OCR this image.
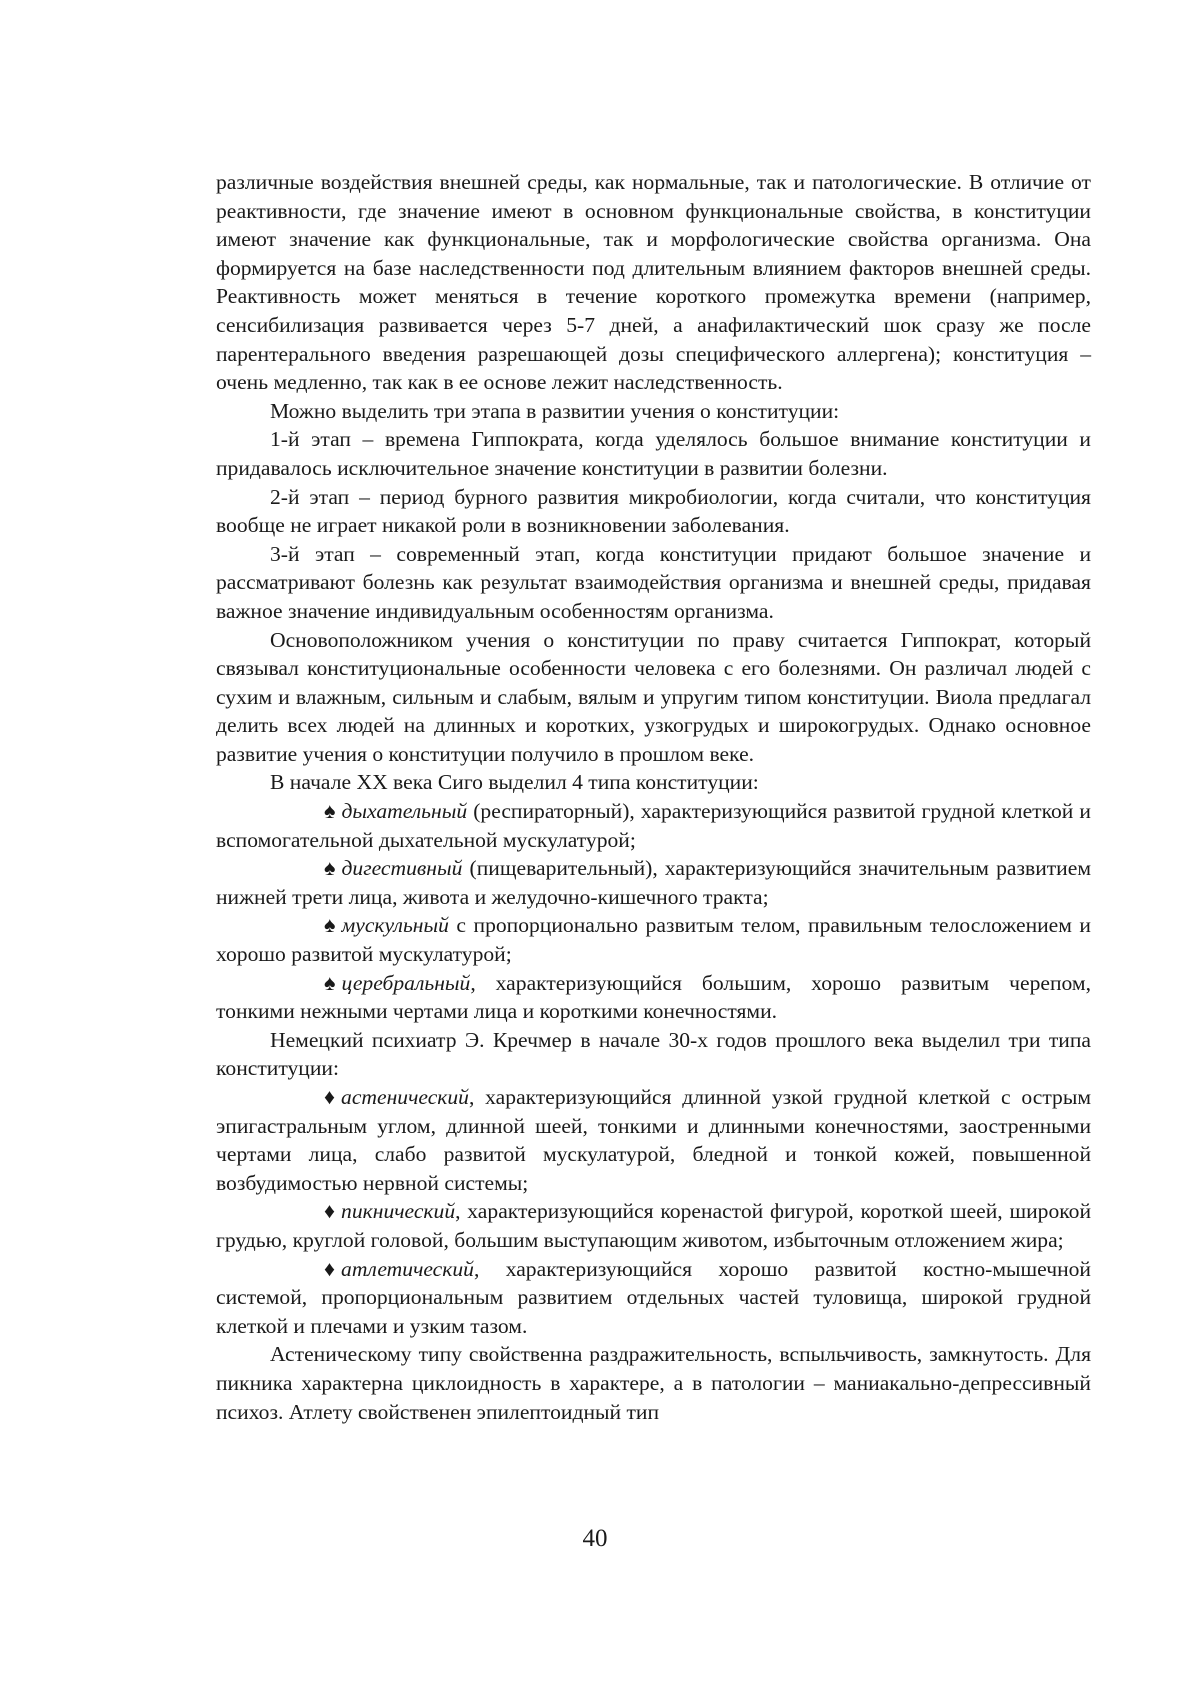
различные воздействия внешней среды, как нормальные, так и патологические. В отличие от реактивности, где значение имеют в основном функциональные свойства, в конституции имеют значение как функциональные, так и морфологические свойства организма. Она формируется на базе наследственности под длительным влиянием факторов внешней среды. Реактивность может меняться в течение короткого промежутка времени (например, сенсибилизация развивается через 5-7 дней, а анафилактический шок сразу же после парентерального введения разрешающей дозы специфического аллергена); конституция – очень медленно, так как в ее основе лежит наследственность.

Можно выделить три этапа в развитии учения о конституции:

1-й этап – времена Гиппократа, когда уделялось большое внимание конституции и придавалось исключительное значение конституции в развитии болезни.

2-й этап – период бурного развития микробиологии, когда считали, что конституция вообще не играет никакой роли в возникновении заболевания.

3-й этап – современный этап, когда конституции придают большое значение и рассматривают болезнь как результат взаимодействия организма и внешней среды, придавая важное значение индивидуальным особенностям организма.

Основоположником учения о конституции по праву считается Гиппократ, который связывал конституциональные особенности человека с его болезнями. Он различал людей с сухим и влажным, сильным и слабым, вялым и упругим типом конституции. Виола предлагал делить всех людей на длинных и коротких, узкогрудых и широкогрудых. Однако основное развитие учения о конституции получило в прошлом веке.

В начале XX века Сиго выделил 4 типа конституции:

♠ дыхательный (респираторный), характеризующийся развитой грудной клеткой и вспомогательной дыхательной мускулатурой;

♠ дигестивный (пищеварительный), характеризующийся значительным развитием нижней трети лица, живота и желудочно-кишечного тракта;

♠ мускульный с пропорционально развитым телом, правильным телосложением и хорошо развитой мускулатурой;

♠ церебральный, характеризующийся большим, хорошо развитым черепом, тонкими нежными чертами лица и короткими конечностями.

Немецкий психиатр Э. Кречмер в начале 30-х годов прошлого века выделил три типа конституции:

♦ астенический, характеризующийся длинной узкой грудной клеткой с острым эпигастральным углом, длинной шеей, тонкими и длинными конечностями, заостренными чертами лица, слабо развитой мускулатурой, бледной и тонкой кожей, повышенной возбудимостью нервной системы;

♦ пикнический, характеризующийся коренастой фигурой, короткой шеей, широкой грудью, круглой головой, большим выступающим животом, избыточным отложением жира;

♦ атлетический, характеризующийся хорошо развитой костно-мышечной системой, пропорциональным развитием отдельных частей туловища, широкой грудной клеткой и плечами и узким тазом.

Астеническому типу свойственна раздражительность, вспыльчивость, замкнутость. Для пикника характерна циклоидность в характере, а в патологии – маниакально-депрессивный психоз. Атлету свойственен эпилептоидный тип

40
